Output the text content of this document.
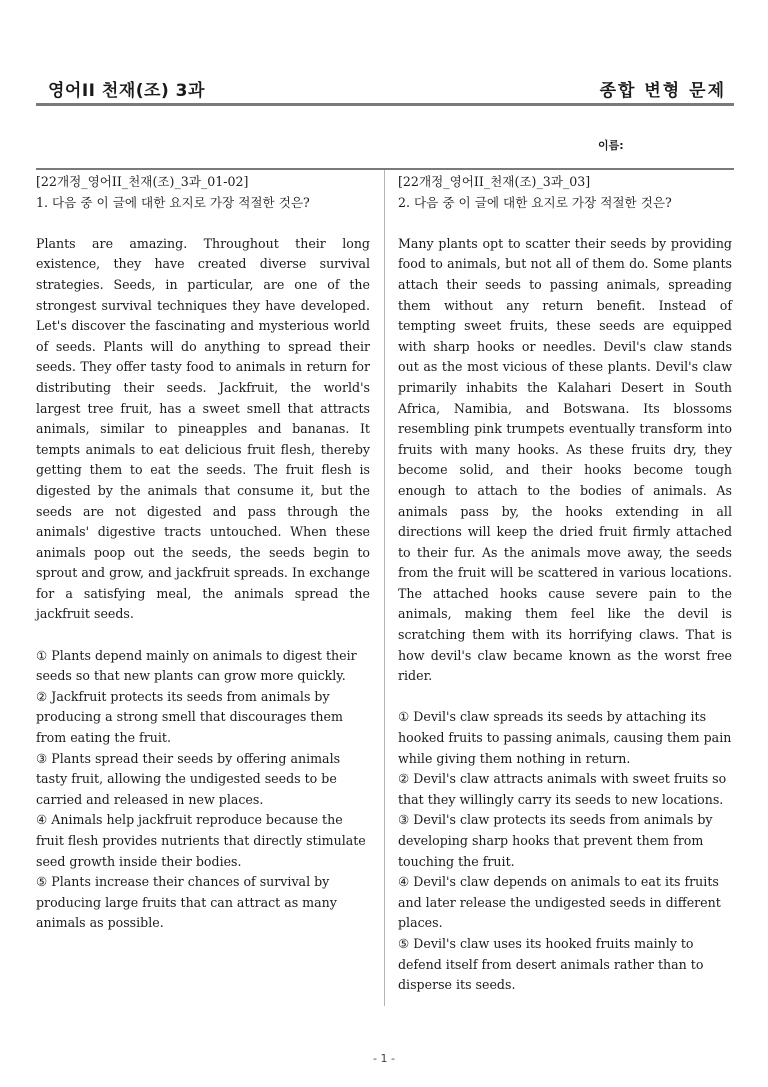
영어II 천재(조) 3과	종합 변형 문제
이름:
[22개정_영어II_천재(조)_3과_01-02]
1. 다음 중 이 글에 대한 요지로 가장 적절한 것은?

Plants are amazing. Throughout their long existence, they have created diverse survival strategies. Seeds, in particular, are one of the strongest survival techniques they have developed. Let's discover the fascinating and mysterious world of seeds. Plants will do anything to spread their seeds. They offer tasty food to animals in return for distributing their seeds. Jackfruit, the world's largest tree fruit, has a sweet smell that attracts animals, similar to pineapples and bananas. It tempts animals to eat delicious fruit flesh, thereby getting them to eat the seeds. The fruit flesh is digested by the animals that consume it, but the seeds are not digested and pass through the animals' digestive tracts untouched. When these animals poop out the seeds, the seeds begin to sprout and grow, and jackfruit spreads. In exchange for a satisfying meal, the animals spread the jackfruit seeds.

① Plants depend mainly on animals to digest their seeds so that new plants can grow more quickly.

② Jackfruit protects its seeds from animals by producing a strong smell that discourages them from eating the fruit.

③ Plants spread their seeds by offering animals tasty fruit, allowing the undigested seeds to be carried and released in new places.

④ Animals help jackfruit reproduce because the fruit flesh provides nutrients that directly stimulate seed growth inside their bodies.

⑤ Plants increase their chances of survival by producing large fruits that can attract as many animals as possible.

[22개정_영어II_천재(조)_3과_03]
2. 다음 중 이 글에 대한 요지로 가장 적절한 것은?

Many plants opt to scatter their seeds by providing food to animals, but not all of them do. Some plants attach their seeds to passing animals, spreading them without any return benefit. Instead of tempting sweet fruits, these seeds are equipped with sharp hooks or needles. Devil's claw stands out as the most vicious of these plants. Devil's claw primarily inhabits the Kalahari Desert in South Africa, Namibia, and Botswana. Its blossoms resembling pink trumpets eventually transform into fruits with many hooks. As these fruits dry, they become solid, and their hooks become tough enough to attach to the bodies of animals. As animals pass by, the hooks extending in all directions will keep the dried fruit firmly attached to their fur. As the animals move away, the seeds from the fruit will be scattered in various locations. The attached hooks cause severe pain to the animals, making them feel like the devil is scratching them with its horrifying claws. That is how devil's claw became known as the worst free rider.

① Devil's claw spreads its seeds by attaching its hooked fruits to passing animals, causing them pain while giving them nothing in return.

② Devil's claw attracts animals with sweet fruits so that they willingly carry its seeds to new locations.

③ Devil's claw protects its seeds from animals by developing sharp hooks that prevent them from touching the fruit.

④ Devil's claw depends on animals to eat its fruits and later release the undigested seeds in different places.

⑤ Devil's claw uses its hooked fruits mainly to defend itself from desert animals rather than to disperse its seeds.

- 1 -
